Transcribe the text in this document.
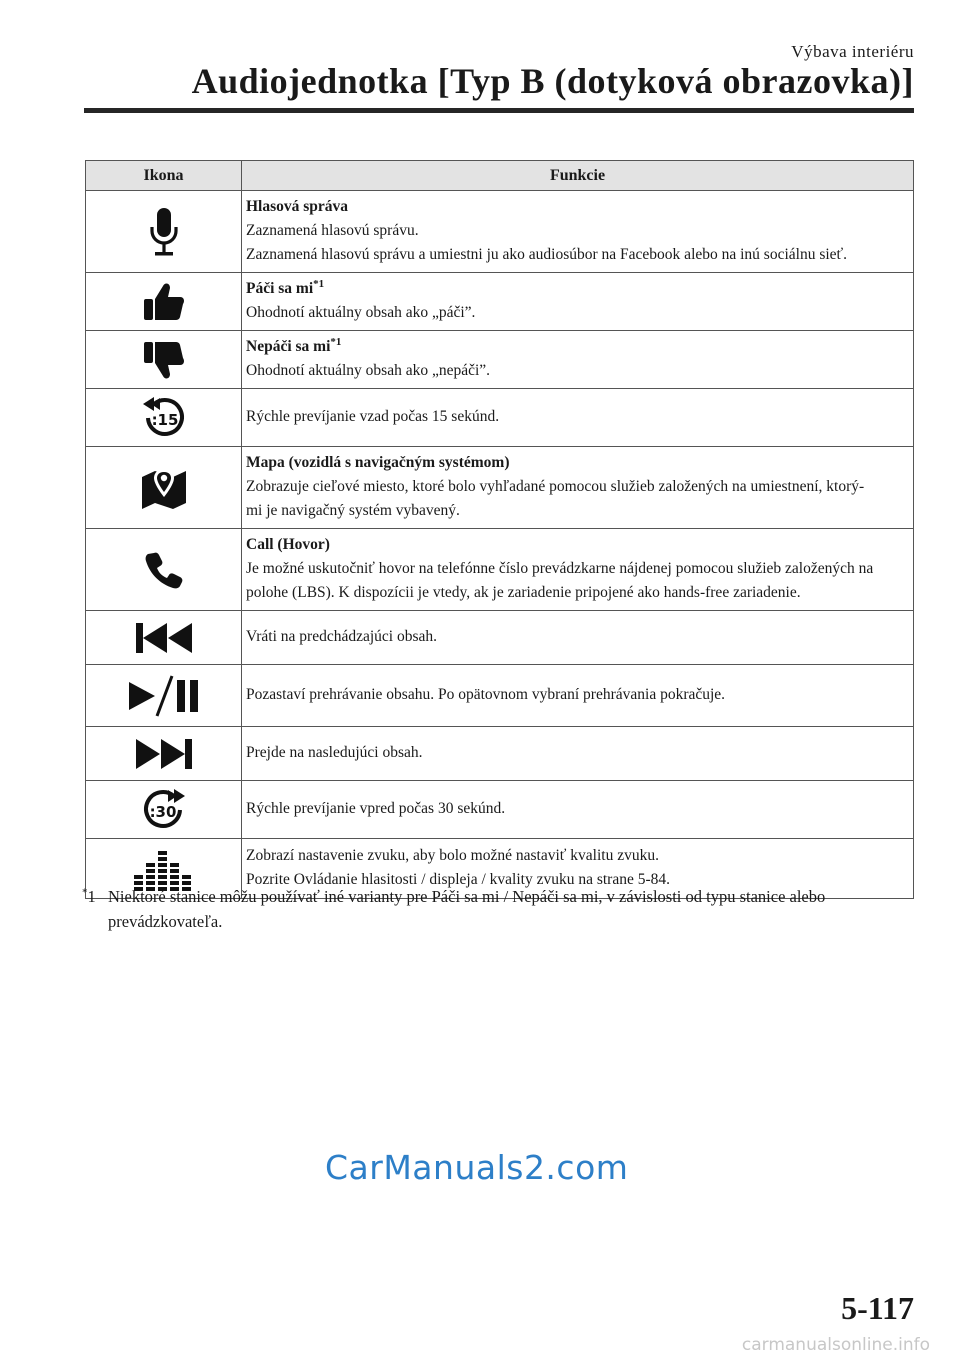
Výbava interiéru
Audiojednotka [Typ B (dotyková obrazovka)]
Ikona	Funkcie

Hlasová správa
Zaznamená hlasovú správu.
Zaznamená hlasovú správu a umiestni ju ako audiosúbor na Facebook alebo na inú sociálnu sieť.

Páči sa $mi^{*1}$
Ohodnotí aktuálny obsah ako „páči”.

Nepáči sa $mi^{*1}$
Ohodnotí aktuálny obsah ako „nepáči”.

:15	Rýchle prevíjanie vzad počas 15 sekúnd.

Mapa (vozidlá s navigačným systémom)
Zobrazuje cieľové miesto, ktoré bolo vyhľadané pomocou služieb založených na umiestnení, ktorý-
mi je navigačný systém vybavený.

Call (Hovor)
Je možné uskutočniť hovor na telefónne číslo prevádzkarne nájdenej pomocou služieb založených na
polohe (LBS). K dispozícii je vtedy, ak je zariadenie pripojené ako hands-free zariadenie.

Vráti na predchádzajúci obsah.

Pozastaví prehrávanie obsahu. Po opätovnom vybraní prehrávania pokračuje.

Prejde na nasledujúci obsah.

:30	Rýchle prevíjanie vpred počas 30 sekúnd.

Zobrazí nastavenie zvuku, aby bolo možné nastaviť kvalitu zvuku.
Pozrite Ovládanie hlasitosti / displeja / kvality zvuku na strane 5-84.
*1 Niektoré stanice môžu používať iné varianty pre Páči sa mi / Nepáči sa mi, v závislosti od typu stanice alebo prevádzkovateľa.
CarManuals2.com
5-117
carmanualsonline.info
